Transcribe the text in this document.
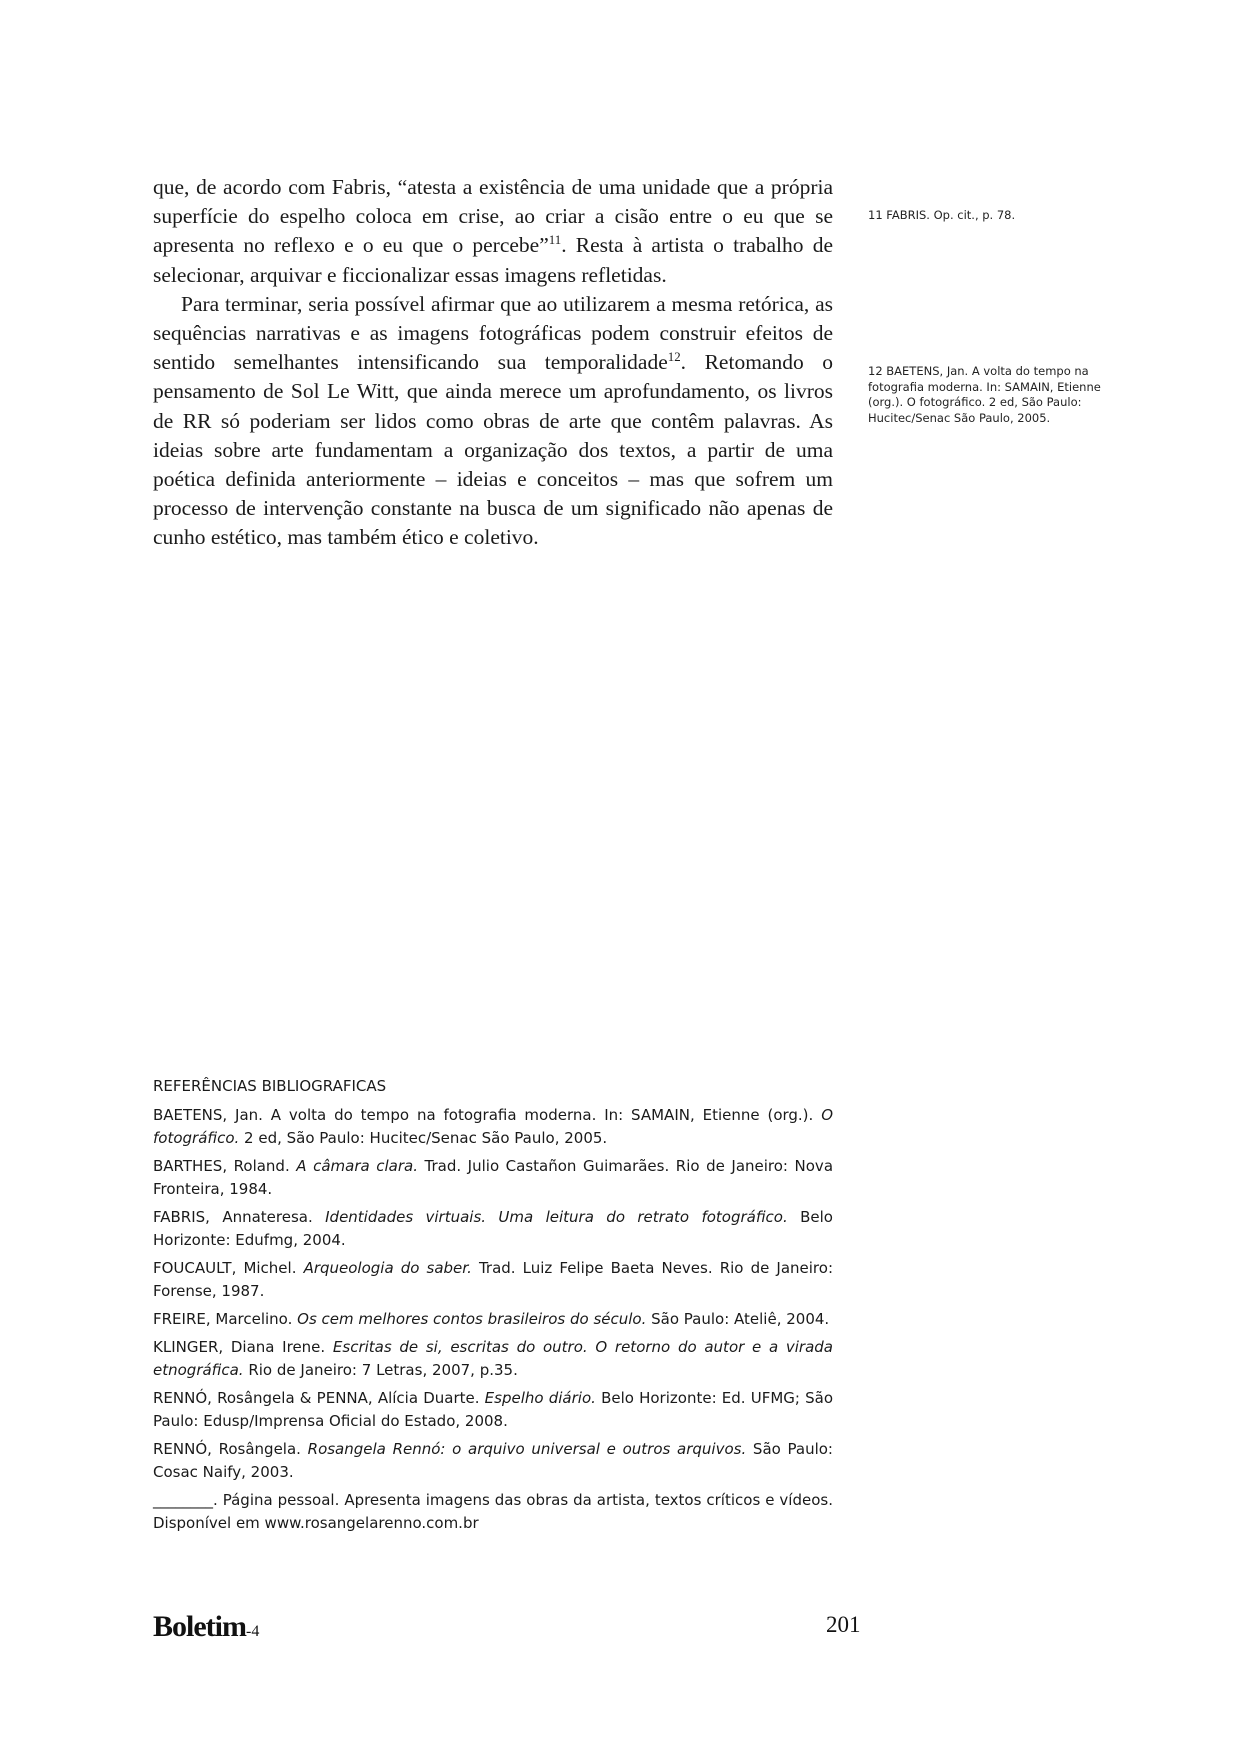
que, de acordo com Fabris, “atesta a existência de uma unidade que a própria superfície do espelho coloca em crise, ao criar a cisão entre o eu que se apresenta no reflexo e o eu que o percebe”$^{11}$. Resta à artista o trabalho de selecionar, arquivar e ficcionalizar essas imagens refletidas.

Para terminar, seria possível afirmar que ao utilizarem a mesma retórica, as sequências narrativas e as imagens fotográficas podem construir efeitos de sentido semelhantes intensificando sua temporalidade$^{12}$. Retomando o pensamento de Sol Le Witt, que ainda merece um aprofundamento, os livros de RR só poderiam ser lidos como obras de arte que contêm palavras. As ideias sobre arte fundamentam a organização dos textos, a partir de uma poética definida anteriormente – ideias e conceitos – mas que sofrem um processo de intervenção constante na busca de um significado não apenas de cunho estético, mas também ético e coletivo.

11 FABRIS. Op. cit., p. 78.
12 BAETENS, Jan. A volta do tempo na fotografia moderna. In: SAMAIN, Etienne (org.). O fotográfico. 2 ed, São Paulo: Hucitec/Senac São Paulo, 2005.
REFERÊNCIAS BIBLIOGRAFICAS
BAETENS, Jan. A volta do tempo na fotografia moderna. In: SAMAIN, Etienne (org.). O fotográfico. 2 ed, São Paulo: Hucitec/Senac São Paulo, 2005.
BARTHES, Roland. A câmara clara. Trad. Julio Castañon Guimarães. Rio de Janeiro: Nova Fronteira, 1984.
FABRIS, Annateresa. Identidades virtuais. Uma leitura do retrato fotográfico. Belo Horizonte: Edufmg, 2004.
FOUCAULT, Michel. Arqueologia do saber. Trad. Luiz Felipe Baeta Neves. Rio de Janeiro: Forense, 1987.
FREIRE, Marcelino. Os cem melhores contos brasileiros do século. São Paulo: Ateliê, 2004.
KLINGER, Diana Irene. Escritas de si, escritas do outro. O retorno do autor e a virada etnográfica. Rio de Janeiro: 7 Letras, 2007, p.35.
RENNÓ, Rosângela & PENNA, Alícia Duarte. Espelho diário. Belo Horizonte: Ed. UFMG; São Paulo: Edusp/Imprensa Oficial do Estado, 2008.
RENNÓ, Rosângela. Rosangela Rennó: o arquivo universal e outros arquivos. São Paulo: Cosac Naify, 2003.
________. Página pessoal. Apresenta imagens das obras da artista, textos críticos e vídeos. Disponível em www.rosangelarenno.com.br
Boletim-4	201
